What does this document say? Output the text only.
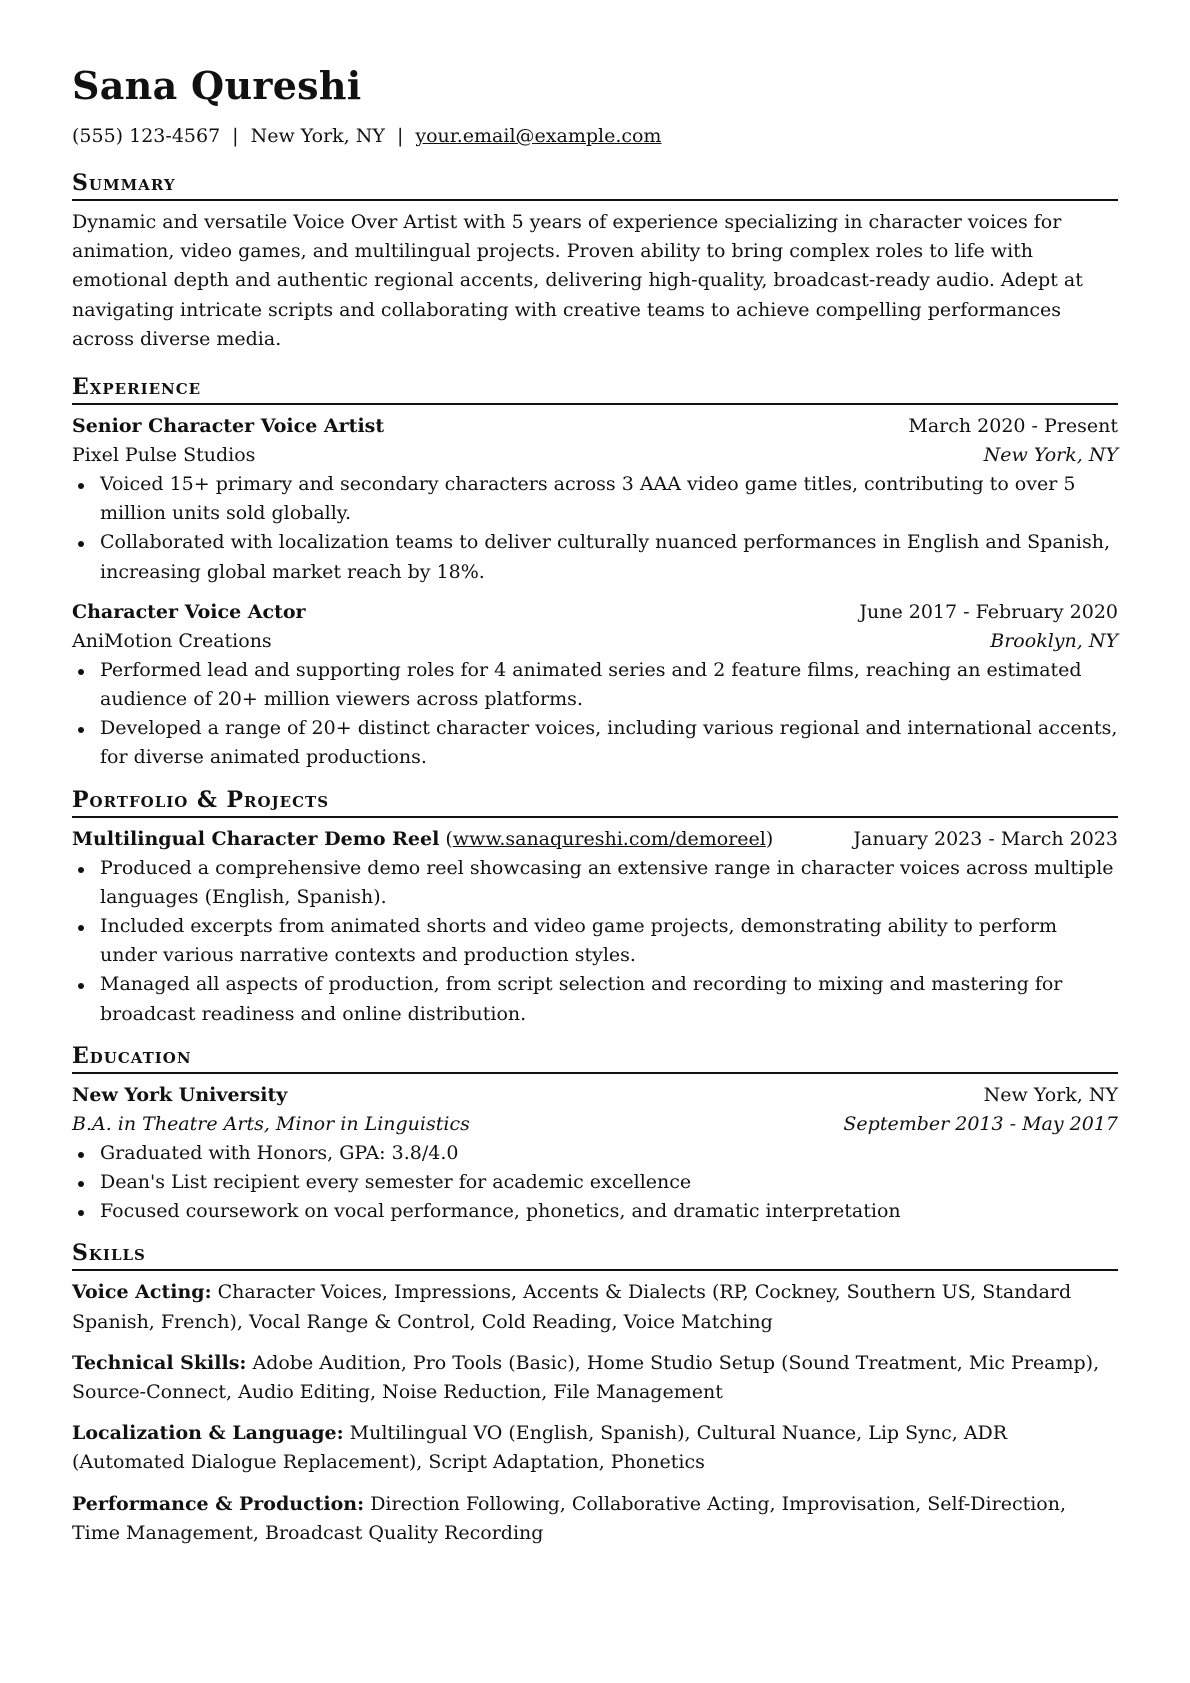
Sana Qureshi
(555) 123-4567 | New York, NY | your.email@example.com
Summary

Dynamic and versatile Voice Over Artist with 5 years of experience specializing in character voices for animation, video games, and multilingual projects. Proven ability to bring complex roles to life with emotional depth and authentic regional accents, delivering high-quality, broadcast-ready audio. Adept at navigating intricate scripts and collaborating with creative teams to achieve compelling performances across diverse media.

Experience
Senior Character Voice Artist	March 2020 - Present
Pixel Pulse Studios	New York, NY
Voiced 15+ primary and secondary characters across 3 AAA video game titles, contributing to over 5 million units sold globally.
Collaborated with localization teams to deliver culturally nuanced performances in English and Spanish, increasing global market reach by 18%.
Character Voice Actor	June 2017 - February 2020
AniMotion Creations	Brooklyn, NY
Performed lead and supporting roles for 4 animated series and 2 feature films, reaching an estimated audience of 20+ million viewers across platforms.
Developed a range of 20+ distinct character voices, including various regional and international accents, for diverse animated productions.
Portfolio & Projects
Multilingual Character Demo Reel (www.sanaqureshi.com/demoreel)	January 2023 - March 2023
Produced a comprehensive demo reel showcasing an extensive range in character voices across multiple languages (English, Spanish).
Included excerpts from animated shorts and video game projects, demonstrating ability to perform under various narrative contexts and production styles.
Managed all aspects of production, from script selection and recording to mixing and mastering for broadcast readiness and online distribution.
Education
New York University	New York, NY
B.A. in Theatre Arts, Minor in Linguistics	September 2013 - May 2017
Graduated with Honors, GPA: 3.8/4.0
Dean's List recipient every semester for academic excellence
Focused coursework on vocal performance, phonetics, and dramatic interpretation
Skills
Voice Acting: Character Voices, Impressions, Accents & Dialects (RP, Cockney, Southern US, Standard Spanish, French), Vocal Range & Control, Cold Reading, Voice Matching
Technical Skills: Adobe Audition, Pro Tools (Basic), Home Studio Setup (Sound Treatment, Mic Preamp), Source-Connect, Audio Editing, Noise Reduction, File Management
Localization & Language: Multilingual VO (English, Spanish), Cultural Nuance, Lip Sync, ADR (Automated Dialogue Replacement), Script Adaptation, Phonetics
Performance & Production: Direction Following, Collaborative Acting, Improvisation, Self-Direction, Time Management, Broadcast Quality Recording
